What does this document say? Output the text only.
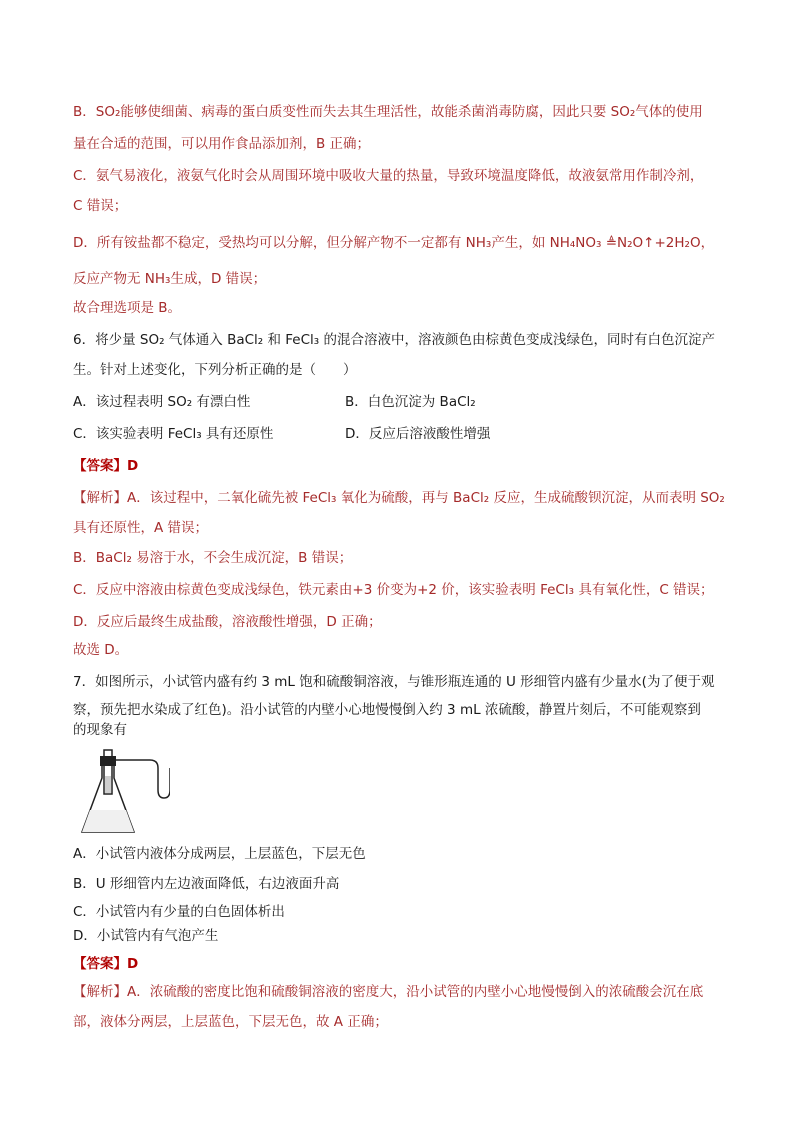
B．SO₂能够使细菌、病毒的蛋白质变性而失去其生理活性，故能杀菌消毒防腐，因此只要 SO₂气体的使用
量在合适的范围，可以用作食品添加剂，B 正确；
C．氨气易液化，液氨气化时会从周围环境中吸收大量的热量，导致环境温度降低，故液氨常用作制冷剂，
C 错误；
D．所有铵盐都不稳定，受热均可以分解，但分解产物不一定都有 NH₃产生，如 NH₄NO₃ ≜N₂O↑+2H₂O，
反应产物无 NH₃生成，D 错误；
故合理选项是 B。
6．将少量 SO₂ 气体通入 BaCl₂ 和 FeCl₃ 的混合溶液中，溶液颜色由棕黄色变成浅绿色，同时有白色沉淀产
生。针对上述变化，下列分析正确的是（　　）
A．该过程表明 SO₂ 有漂白性	B．白色沉淀为 BaCl₂
C．该实验表明 FeCl₃ 具有还原性	D．反应后溶液酸性增强
【答案】D
【解析】A．该过程中，二氧化硫先被 FeCl₃ 氧化为硫酸，再与 BaCl₂ 反应，生成硫酸钡沉淀，从而表明 SO₂
具有还原性，A 错误；
B．BaCl₂ 易溶于水，不会生成沉淀，B 错误；
C．反应中溶液由棕黄色变成浅绿色，铁元素由+3 价变为+2 价，该实验表明 FeCl₃ 具有氧化性，C 错误；
D．反应后最终生成盐酸，溶液酸性增强，D 正确；
故选 D。
7．如图所示，小试管内盛有约 3 mL 饱和硫酸铜溶液，与锥形瓶连通的 U 形细管内盛有少量水(为了便于观
察，预先把水染成了红色)。沿小试管的内壁小心地慢慢倒入约 3 mL 浓硫酸，静置片刻后，不可能观察到
的现象有
A．小试管内液体分成两层，上层蓝色，下层无色
B．U 形细管内左边液面降低，右边液面升高
C．小试管内有少量的白色固体析出
D．小试管内有气泡产生
【答案】D
【解析】A．浓硫酸的密度比饱和硫酸铜溶液的密度大，沿小试管的内壁小心地慢慢倒入的浓硫酸会沉在底
部，液体分两层，上层蓝色，下层无色，故 A 正确；
